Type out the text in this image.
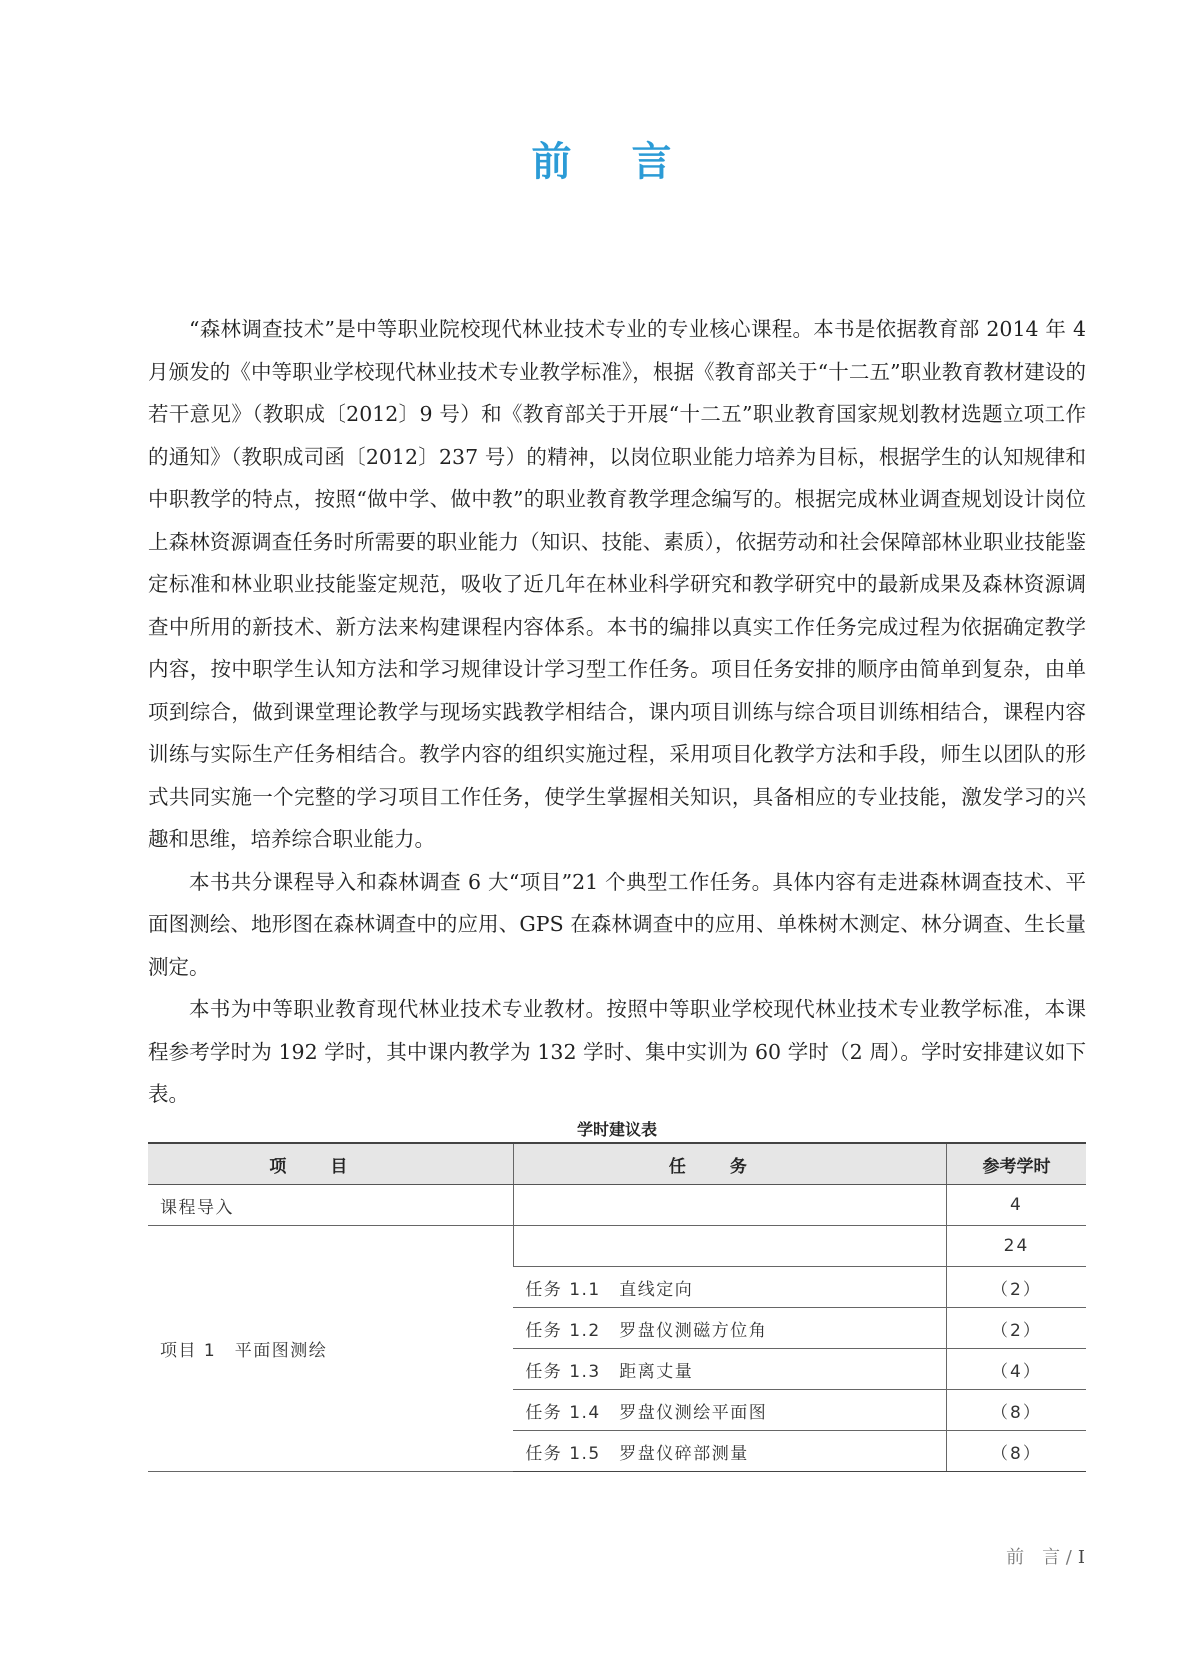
前言

“森林调查技术”是中等职业院校现代林业技术专业的专业核心课程。本书是依据教育部 2014 年 4 月颁发的《中等职业学校现代林业技术专业教学标准》，根据《教育部关于“十二五”职业教育教材建设的若干意见》（教职成〔2012〕9 号）和《教育部关于开展“十二五”职业教育国家规划教材选题立项工作的通知》（教职成司函〔2012〕237 号）的精神，以岗位职业能力培养为目标，根据学生的认知规律和中职教学的特点，按照“做中学、做中教”的职业教育教学理念编写的。根据完成林业调查规划设计岗位上森林资源调查任务时所需要的职业能力（知识、技能、素质），依据劳动和社会保障部林业职业技能鉴定标准和林业职业技能鉴定规范，吸收了近几年在林业科学研究和教学研究中的最新成果及森林资源调查中所用的新技术、新方法来构建课程内容体系。本书的编排以真实工作任务完成过程为依据确定教学内容，按中职学生认知方法和学习规律设计学习型工作任务。项目任务安排的顺序由简单到复杂，由单项到综合，做到课堂理论教学与现场实践教学相结合，课内项目训练与综合项目训练相结合，课程内容训练与实际生产任务相结合。教学内容的组织实施过程，采用项目化教学方法和手段，师生以团队的形式共同实施一个完整的学习项目工作任务，使学生掌握相关知识，具备相应的专业技能，激发学习的兴趣和思维，培养综合职业能力。

本书共分课程导入和森林调查 6 大“项目”21 个典型工作任务。具体内容有走进森林调查技术、平面图测绘、地形图在森林调查中的应用、GPS 在森林调查中的应用、单株树木测定、林分调查、生长量测定。

本书为中等职业教育现代林业技术专业教材。按照中等职业学校现代林业技术专业教学标准，本课程参考学时为 192 学时，其中课内教学为 132 学时、集中实训为 60 学时（2 周）。学时安排建议如下表。

学时建议表
项目	任务	参考学时
课程导入		4
项目 1　平面图测绘		24
	任务 1.1　直线定向	（2）
	任务 1.2　罗盘仪测磁方位角	（2）
	任务 1.3　距离丈量	（4）
	任务 1.4　罗盘仪测绘平面图	（8）
	任务 1.5　罗盘仪碎部测量	（8）
前　言 / I
